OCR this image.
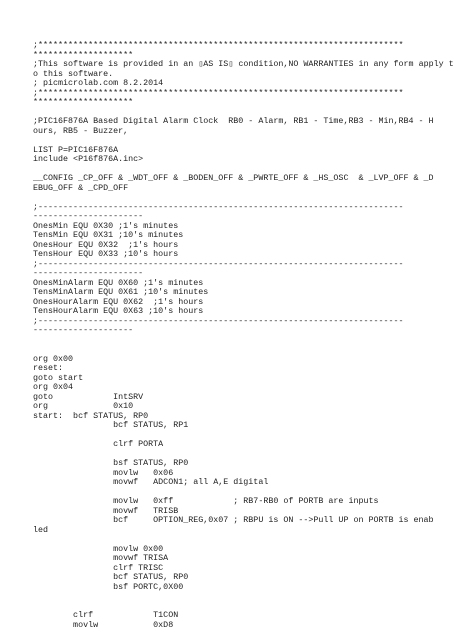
;*************************************************************************
********************
;This software is provided in an ▯AS IS▯ condition,NO WARRANTIES in any form apply t
o this software.
; picmicrolab.com 8.2.2014
;*************************************************************************
********************
;PIC16F876A Based Digital Alarm Clock  RB0 - Alarm, RB1 - Time,RB3 - Min,RB4 - H
ours, RB5 - Buzzer,
LIST P=PIC16F876A
include <P16f876A.inc>
__CONFIG _CP_OFF & _WDT_OFF & _BODEN_OFF & _PWRTE_OFF & _HS_OSC  & _LVP_OFF & _D
EBUG_OFF & _CPD_OFF
;-------------------------------------------------------------------------
----------------------
OnesMin EQU 0X30 ;1's minutes
TensMin EQU 0X31 ;10's minutes
OnesHour EQU 0X32  ;1's hours
TensHour EQU 0X33 ;10's hours
;-------------------------------------------------------------------------
----------------------
OnesMinAlarm EQU 0X60 ;1's minutes
TensMinAlarm EQU 0X61 ;10's minutes
OnesHourAlarm EQU 0X62  ;1's hours
TensHourAlarm EQU 0X63 ;10's hours
;-------------------------------------------------------------------------
--------------------
org 0x00
reset:
goto start
org 0x04
goto            IntSRV
org             0x10
start:  bcf STATUS, RP0
bcf STATUS, RP1
clrf PORTA
bsf STATUS, RP0
movlw   0x06
movwf   ADCON1; all A,E digital
movlw   0xff            ; RB7-RB0 of PORTB are inputs
movwf   TRISB
bcf     OPTION_REG,0x07 ; RBPU is ON -->Pull UP on PORTB is enab
led
movlw 0x00
movwf TRISA
clrf TRISC
bcf STATUS, RP0
bsf PORTC,0X00
clrf            T1CON
movlw           0xD8
